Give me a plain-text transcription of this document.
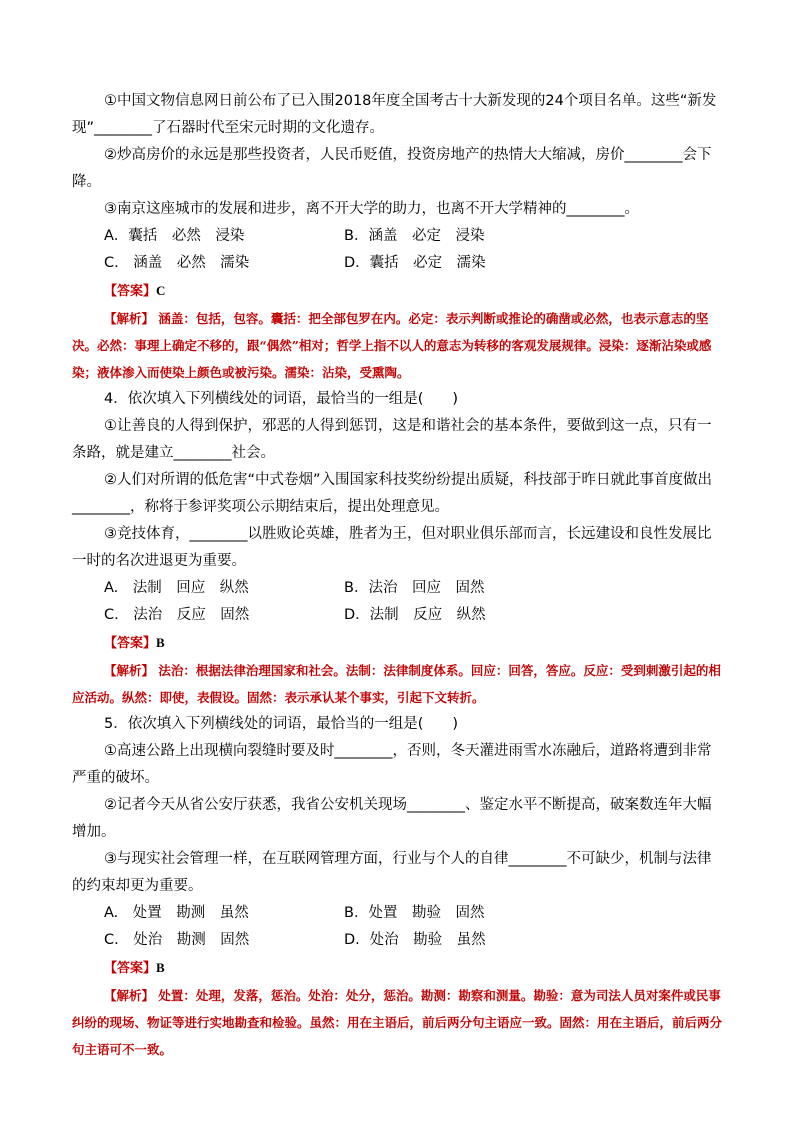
①中国文物信息网日前公布了已入围2018年度全国考古十大新发现的24个项目名单。这些“新发现”________了石器时代至宋元时期的文化遗存。

②炒高房价的永远是那些投资者，人民币贬值，投资房地产的热情大大缩减，房价________会下降。

③南京这座城市的发展和进步，离不开大学的助力，也离不开大学精神的________。

A．囊括　必然　浸染	B．涵盖　必定　浸染
C.　涵盖　必然　濡染	D．囊括　必定　濡染
【答案】C

【解析】 涵盖：包括，包容。囊括：把全部包罗在内。必定：表示判断或推论的确凿或必然，也表示意志的坚决。必然：事理上确定不移的，跟“偶然”相对；哲学上指不以人的意志为转移的客观发展规律。浸染：逐渐沾染或感染；液体渗入而使染上颜色或被污染。濡染：沾染，受熏陶。

4．依次填入下列横线处的词语，最恰当的一组是(　　)

①让善良的人得到保护，邪恶的人得到惩罚，这是和谐社会的基本条件，要做到这一点，只有一条路，就是建立________社会。

②人们对所谓的低危害“中式卷烟”入围国家科技奖纷纷提出质疑，科技部于昨日就此事首度做出________，称将于参评奖项公示期结束后，提出处理意见。

③竞技体育，________以胜败论英雄，胜者为王，但对职业俱乐部而言，长远建设和良性发展比一时的名次进退更为重要。

A.　法制　回应　纵然	B．法治　回应　固然
C.　法治　反应　固然	D．法制　反应　纵然
【答案】B

【解析】 法治：根据法律治理国家和社会。法制：法律制度体系。回应：回答，答应。反应：受到刺激引起的相应活动。纵然：即使，表假设。固然：表示承认某个事实，引起下文转折。

5．依次填入下列横线处的词语，最恰当的一组是(　　)

①高速公路上出现横向裂缝时要及时________，否则，冬天灌进雨雪水冻融后，道路将遭到非常严重的破坏。

②记者今天从省公安厅获悉，我省公安机关现场________、鉴定水平不断提高，破案数连年大幅增加。

③与现实社会管理一样，在互联网管理方面，行业与个人的自律________不可缺少，机制与法律的约束却更为重要。

A.　处置　勘测　虽然	B．处置　勘验　固然
C.　处治　勘测　固然	D．处治　勘验　虽然
【答案】B

【解析】 处置：处理，发落，惩治。处治：处分，惩治。勘测：勘察和测量。勘验：意为司法人员对案件或民事纠纷的现场、物证等进行实地勘查和检验。虽然：用在主语后，前后两分句主语应一致。固然：用在主语后，前后两分句主语可不一致。
